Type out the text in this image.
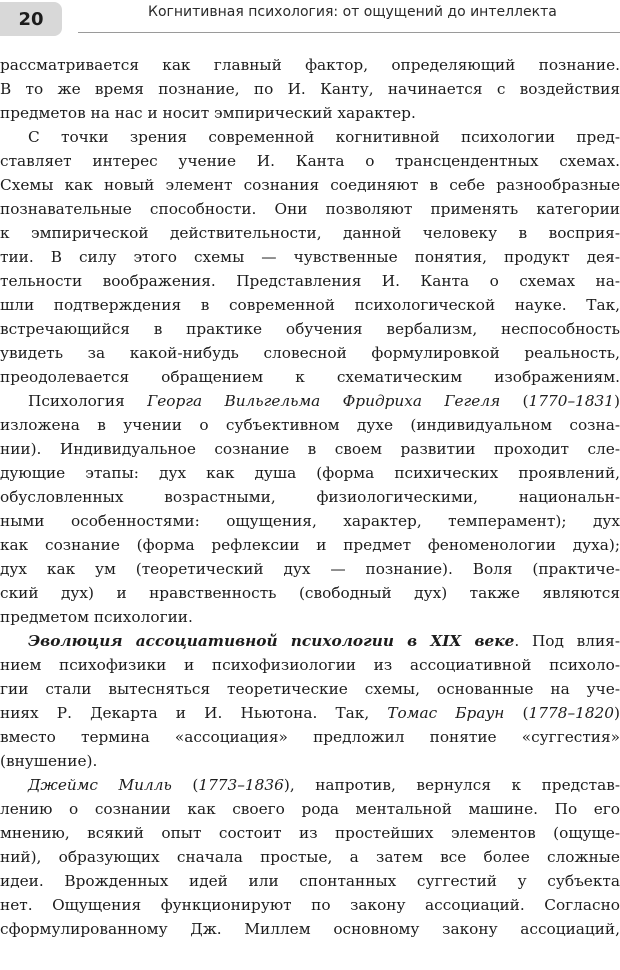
20	Когнитивная психология: от ощущений до интеллекта
рассматривается как главный фактор, определяющий познание.
В то же время познание, по И. Канту, начинается с воздействия
предметов на нас и носит эмпирический характер.
С точки зрения современной когнитивной психологии пред-
ставляет интерес учение И. Канта о трансцендентных схемах.
Схемы как новый элемент сознания соединяют в себе разнообразные
познавательные способности. Они позволяют применять категории
к эмпирической действительности, данной человеку в восприя-
тии. В силу этого схемы — чувственные понятия, продукт дея-
тельности воображения. Представления И. Канта о схемах на-
шли подтверждения в современной психологической науке. Так,
встречающийся в практике обучения вербализм, неспособность
увидеть за какой-нибудь словесной формулировкой реальность,
преодолевается обращением к схематическим изображениям.
Психология Георга Вильгельма Фридриха Гегеля (1770–1831)
изложена в учении о субъективном духе (индивидуальном созна-
нии). Индивидуальное сознание в своем развитии проходит сле-
дующие этапы: дух как душа (форма психических проявлений,
обусловленных возрастными, физиологическими, национальн-
ными особенностями: ощущения, характер, темперамент); дух
как сознание (форма рефлексии и предмет феноменологии духа);
дух как ум (теоретический дух — познание). Воля (практиче-
ский дух) и нравственность (свободный дух) также являются
предметом психологии.
Эволюция ассоциативной психологии в XIX веке. Под влия-
нием психофизики и психофизиологии из ассоциативной психоло-
гии стали вытесняться теоретические схемы, основанные на уче-
ниях Р. Декарта и И. Ньютона. Так, Томас Браун (1778–1820)
вместо термина «ассоциация» предложил понятие «суггестия»
(внушение).
Джеймс Милль (1773–1836), напротив, вернулся к представ-
лению о сознании как своего рода ментальной машине. По его
мнению, всякий опыт состоит из простейших элементов (ощуще-
ний), образующих сначала простые, а затем все более сложные
идеи. Врожденных идей или спонтанных суггестий у субъекта
нет. Ощущения функционируют по закону ассоциаций. Согласно
сформулированному Дж. Миллем основному закону ассоциаций,
